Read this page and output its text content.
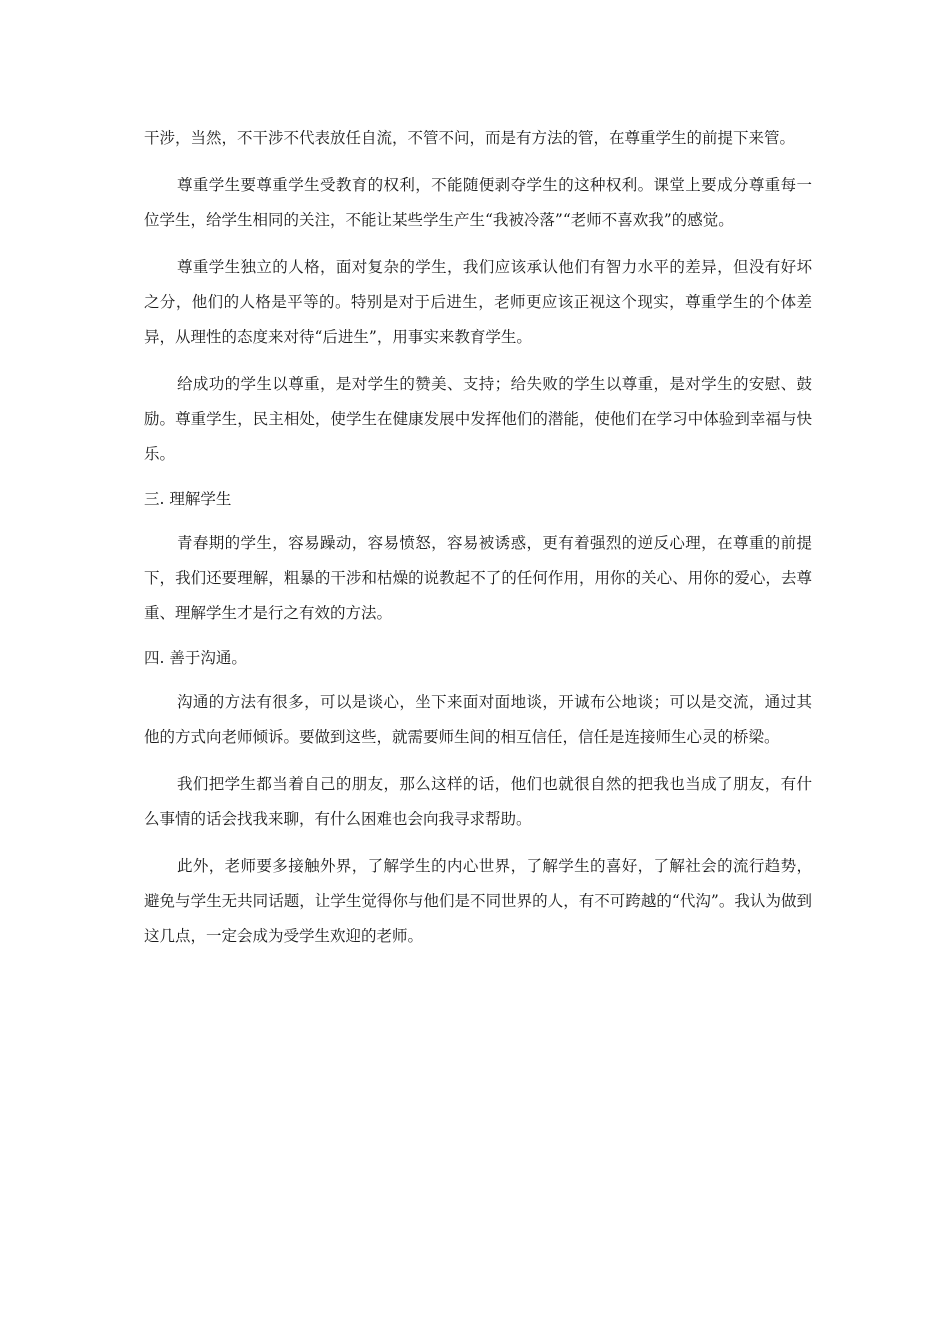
干涉，当然，不干涉不代表放任自流，不管不问，而是有方法的管，在尊重学生的前提下来管。

尊重学生要尊重学生受教育的权利，不能随便剥夺学生的这种权利。课堂上要成分尊重每一位学生，给学生相同的关注，不能让某些学生产生“我被冷落”“老师不喜欢我”的感觉。

尊重学生独立的人格，面对复杂的学生，我们应该承认他们有智力水平的差异，但没有好坏之分，他们的人格是平等的。特别是对于后进生，老师更应该正视这个现实，尊重学生的个体差异，从理性的态度来对待“后进生”，用事实来教育学生。

给成功的学生以尊重，是对学生的赞美、支持；给失败的学生以尊重，是对学生的安慰、鼓励。尊重学生，民主相处，使学生在健康发展中发挥他们的潜能，使他们在学习中体验到幸福与快乐。

三. 理解学生

青春期的学生，容易躁动，容易愤怒，容易被诱惑，更有着强烈的逆反心理，在尊重的前提下，我们还要理解，粗暴的干涉和枯燥的说教起不了的任何作用，用你的关心、用你的爱心，去尊重、理解学生才是行之有效的方法。

四. 善于沟通。

沟通的方法有很多，可以是谈心，坐下来面对面地谈，开诚布公地谈；可以是交流，通过其他的方式向老师倾诉。要做到这些，就需要师生间的相互信任，信任是连接师生心灵的桥梁。

我们把学生都当着自己的朋友，那么这样的话，他们也就很自然的把我也当成了朋友，有什么事情的话会找我来聊，有什么困难也会向我寻求帮助。

此外，老师要多接触外界，了解学生的内心世界，了解学生的喜好，了解社会的流行趋势，避免与学生无共同话题，让学生觉得你与他们是不同世界的人，有不可跨越的“代沟”。我认为做到这几点，一定会成为受学生欢迎的老师。
